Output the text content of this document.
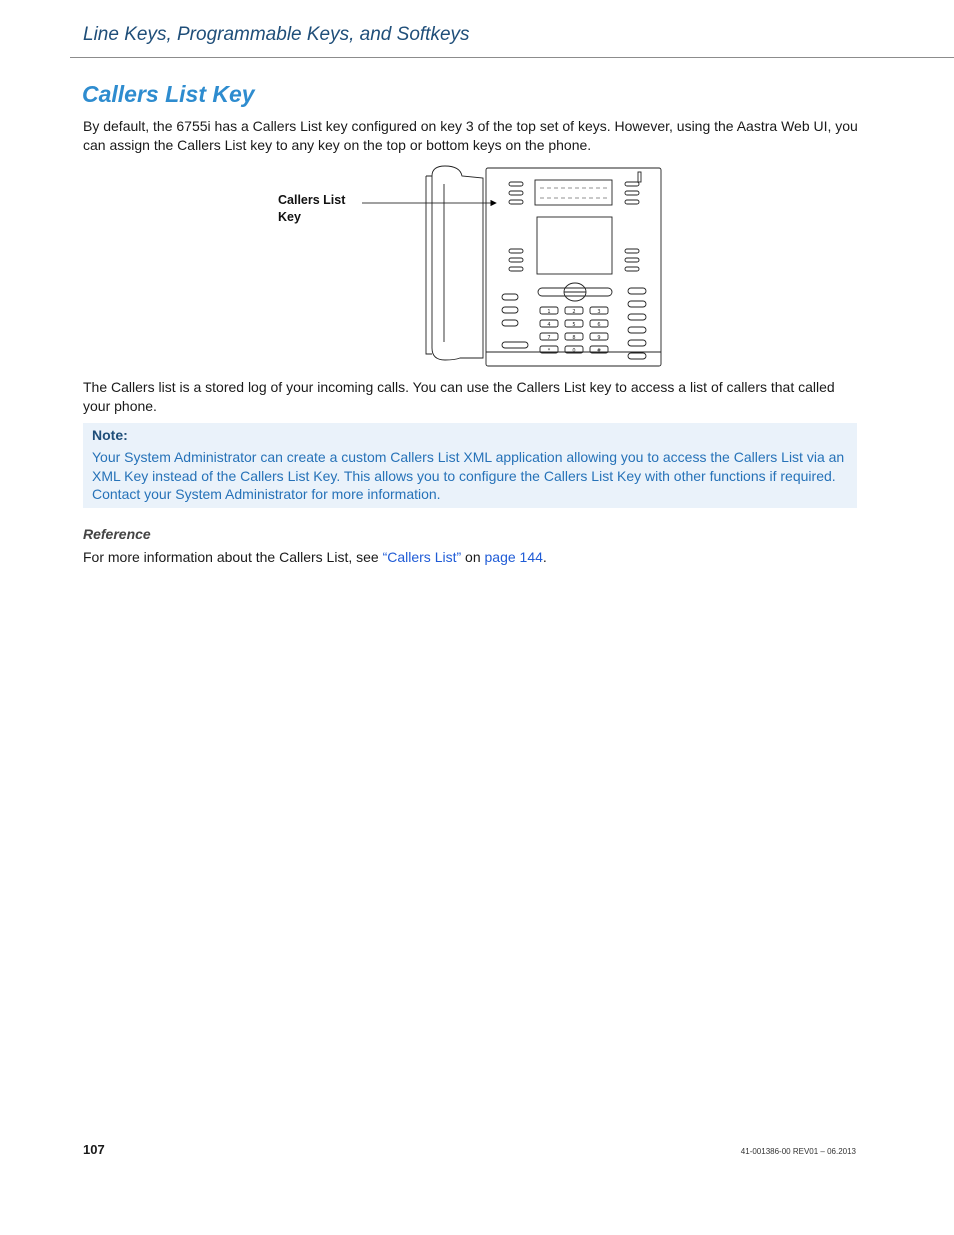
Line Keys, Programmable Keys, and Softkeys
Callers List Key

By default, the 6755i has a Callers List key configured on key 3 of the top set of keys. However, using the Aastra Web UI, you can assign the Callers List key to any key on the top or bottom keys on the phone.

Callers List
Key
1	2	3
4	5	6
7	8	9
*	0	#

The Callers list is a stored log of your incoming calls. You can use the Callers List key to access a list of callers that called your phone.

Note:

Your System Administrator can create a custom Callers List XML application allowing you to access the Callers List via an XML Key instead of the Callers List Key. This allows you to configure the Callers List Key with other functions if required. Contact your System Administrator for more information.

Reference

For more information about the Callers List, see “Callers List” on page 144.

107	41-001386-00 REV01 – 06.2013
